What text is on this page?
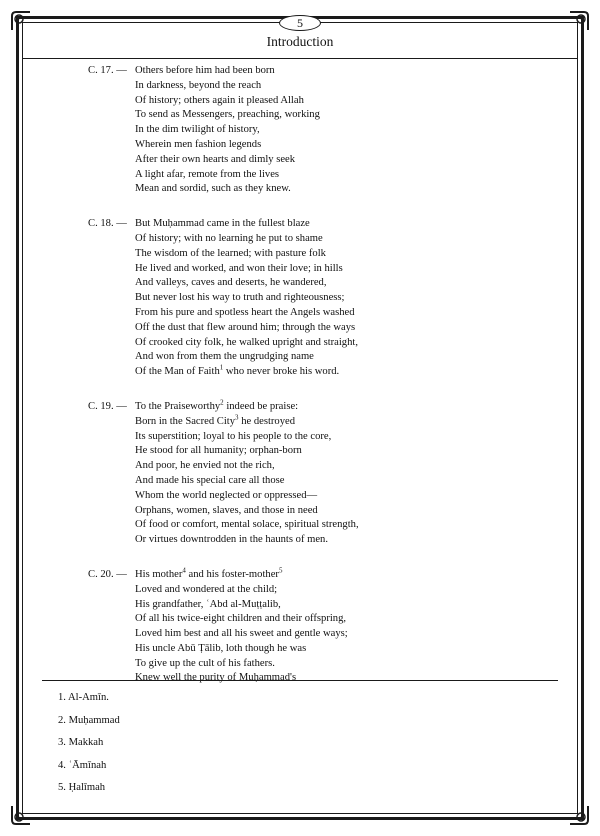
5
Introduction
C. 17. — Others before him had been born
In darkness, beyond the reach
Of history; others again it pleased Allah
To send as Messengers, preaching, working
In the dim twilight of history,
Wherein men fashion legends
After their own hearts and dimly seek
A light afar, remote from the lives
Mean and sordid, such as they knew.
C. 18. — But Muḥammad came in the fullest blaze
Of history; with no learning he put to shame
The wisdom of the learned; with pasture folk
He lived and worked, and won their love; in hills
And valleys, caves and deserts, he wandered,
But never lost his way to truth and righteousness;
From his pure and spotless heart the Angels washed
Off the dust that flew around him; through the ways
Of crooked city folk, he walked upright and straight,
And won from them the ungrudging name
Of the Man of Faith$^1$ who never broke his word.
C. 19. — To the Praiseworthy$^2$ indeed be praise:
Born in the Sacred City$^3$ he destroyed
Its superstition; loyal to his people to the core,
He stood for all humanity; orphan-born
And poor, he envied not the rich,
And made his special care all those
Whom the world neglected or oppressed—
Orphans, women, slaves, and those in need
Of food or comfort, mental solace, spiritual strength,
Or virtues downtrodden in the haunts of men.
C. 20. — His mother$^4$ and his foster-mother$^5$
Loved and wondered at the child;
His grandfather, ʿAbd al-Muṭṭalib,
Of all his twice-eight children and their offspring,
Loved him best and all his sweet and gentle ways;
His uncle Abū Ṭālib, loth though he was
To give up the cult of his fathers.
Knew well the purity of Muḥammad's
1. Al-Amīn.
2. Muḥammad
3. Makkah
4. ʿĀmīnah
5. Ḥalīmah
